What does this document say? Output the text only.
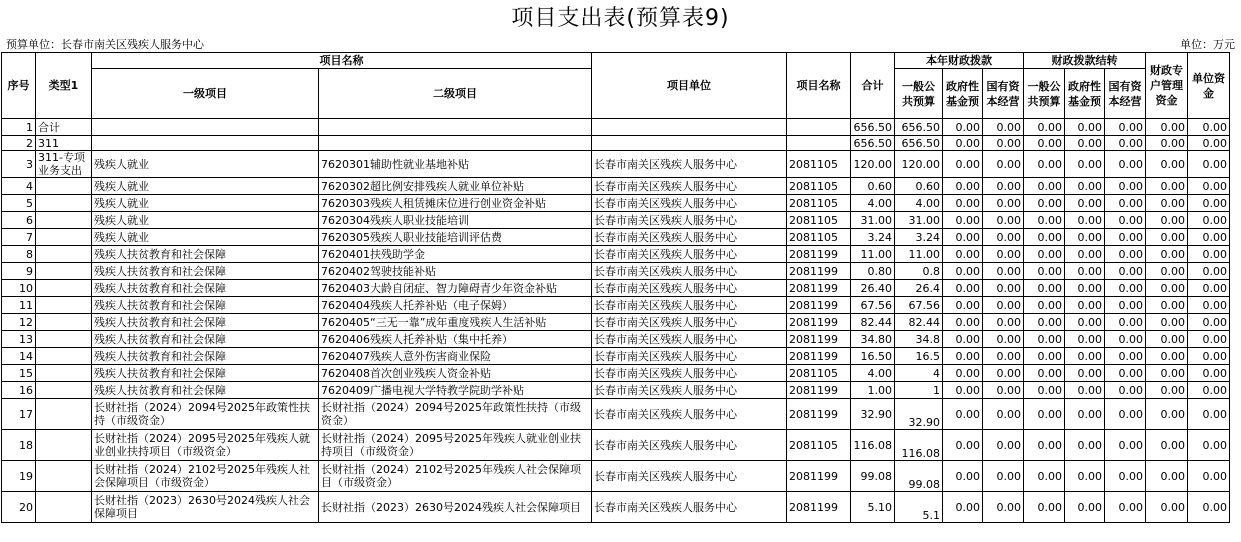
项目支出表(预算表9)
预算单位：长春市南关区残疾人服务中心	单位：万元
序号	类型1	项目名称		项目单位	项目名称	合计	本年财政拨款			财政拨款结转			财政专户管理资金	单位资金
		一级项目	二级项目				一般公共预算	政府性基金预	国有资本经营	一般公共预算	政府性基金预	国有资本经营		

1	合计					656.50	656.50	0.00	0.00	0.00	0.00	0.00	0.00	0.00
2	311					656.50	656.50	0.00	0.00	0.00	0.00	0.00	0.00	0.00
3	311-专项业务支出	残疾人就业	7620301辅助性就业基地补贴	长春市南关区残疾人服务中心	2081105	120.00	120.00	0.00	0.00	0.00	0.00	0.00	0.00	0.00
4		残疾人就业	7620302超比例安排残疾人就业单位补贴	长春市南关区残疾人服务中心	2081105	0.60	0.60	0.00	0.00	0.00	0.00	0.00	0.00	0.00
5		残疾人就业	7620303残疾人租赁摊床位进行创业资金补贴	长春市南关区残疾人服务中心	2081105	4.00	4.00	0.00	0.00	0.00	0.00	0.00	0.00	0.00
6		残疾人就业	7620304残疾人职业技能培训	长春市南关区残疾人服务中心	2081105	31.00	31.00	0.00	0.00	0.00	0.00	0.00	0.00	0.00
7		残疾人就业	7620305残疾人职业技能培训评估费	长春市南关区残疾人服务中心	2081105	3.24	3.24	0.00	0.00	0.00	0.00	0.00	0.00	0.00
8		残疾人扶贫教育和社会保障	7620401扶残助学金	长春市南关区残疾人服务中心	2081199	11.00	11.00	0.00	0.00	0.00	0.00	0.00	0.00	0.00
9		残疾人扶贫教育和社会保障	7620402驾驶技能补贴	长春市南关区残疾人服务中心	2081199	0.80	0.8	0.00	0.00	0.00	0.00	0.00	0.00	0.00
10		残疾人扶贫教育和社会保障	7620403大龄自闭症、智力障碍青少年资金补贴	长春市南关区残疾人服务中心	2081199	26.40	26.4	0.00	0.00	0.00	0.00	0.00	0.00	0.00
11		残疾人扶贫教育和社会保障	7620404残疾人托养补贴（电子保姆）	长春市南关区残疾人服务中心	2081199	67.56	67.56	0.00	0.00	0.00	0.00	0.00	0.00	0.00
12		残疾人扶贫教育和社会保障	7620405“三无一靠”成年重度残疾人生活补贴	长春市南关区残疾人服务中心	2081199	82.44	82.44	0.00	0.00	0.00	0.00	0.00	0.00	0.00
13		残疾人扶贫教育和社会保障	7620406残疾人托养补贴（集中托养）	长春市南关区残疾人服务中心	2081199	34.80	34.8	0.00	0.00	0.00	0.00	0.00	0.00	0.00
14		残疾人扶贫教育和社会保障	7620407残疾人意外伤害商业保险	长春市南关区残疾人服务中心	2081199	16.50	16.5	0.00	0.00	0.00	0.00	0.00	0.00	0.00
15		残疾人扶贫教育和社会保障	7620408首次创业残疾人资金补贴	长春市南关区残疾人服务中心	2081105	4.00	4	0.00	0.00	0.00	0.00	0.00	0.00	0.00
16		残疾人扶贫教育和社会保障	7620409广播电视大学特教学院助学补贴	长春市南关区残疾人服务中心	2081199	1.00	1	0.00	0.00	0.00	0.00	0.00	0.00	0.00
17		长财社指（2024）2094号2025年政策性扶持（市级资金）	长财社指（2024）2094号2025年政策性扶持（市级资金）	长春市南关区残疾人服务中心	2081199	32.90	32.90	0.00	0.00	0.00	0.00	0.00	0.00	0.00
18		长财社指（2024）2095号2025年残疾人就业创业扶持项目（市级资金）	长财社指（2024）2095号2025年残疾人就业创业扶持项目（市级资金）	长春市南关区残疾人服务中心	2081105	116.08	116.08	0.00	0.00	0.00	0.00	0.00	0.00	0.00
19		长财社指（2024）2102号2025年残疾人社会保障项目（市级资金）	长财社指（2024）2102号2025年残疾人社会保障项目（市级资金）	长春市南关区残疾人服务中心	2081199	99.08	99.08	0.00	0.00	0.00	0.00	0.00	0.00	0.00
20		长财社指（2023）2630号2024残疾人社会保障项目	长财社指（2023）2630号2024残疾人社会保障项目	长春市南关区残疾人服务中心	2081199	5.10	5.1	0.00	0.00	0.00	0.00	0.00	0.00	0.00
